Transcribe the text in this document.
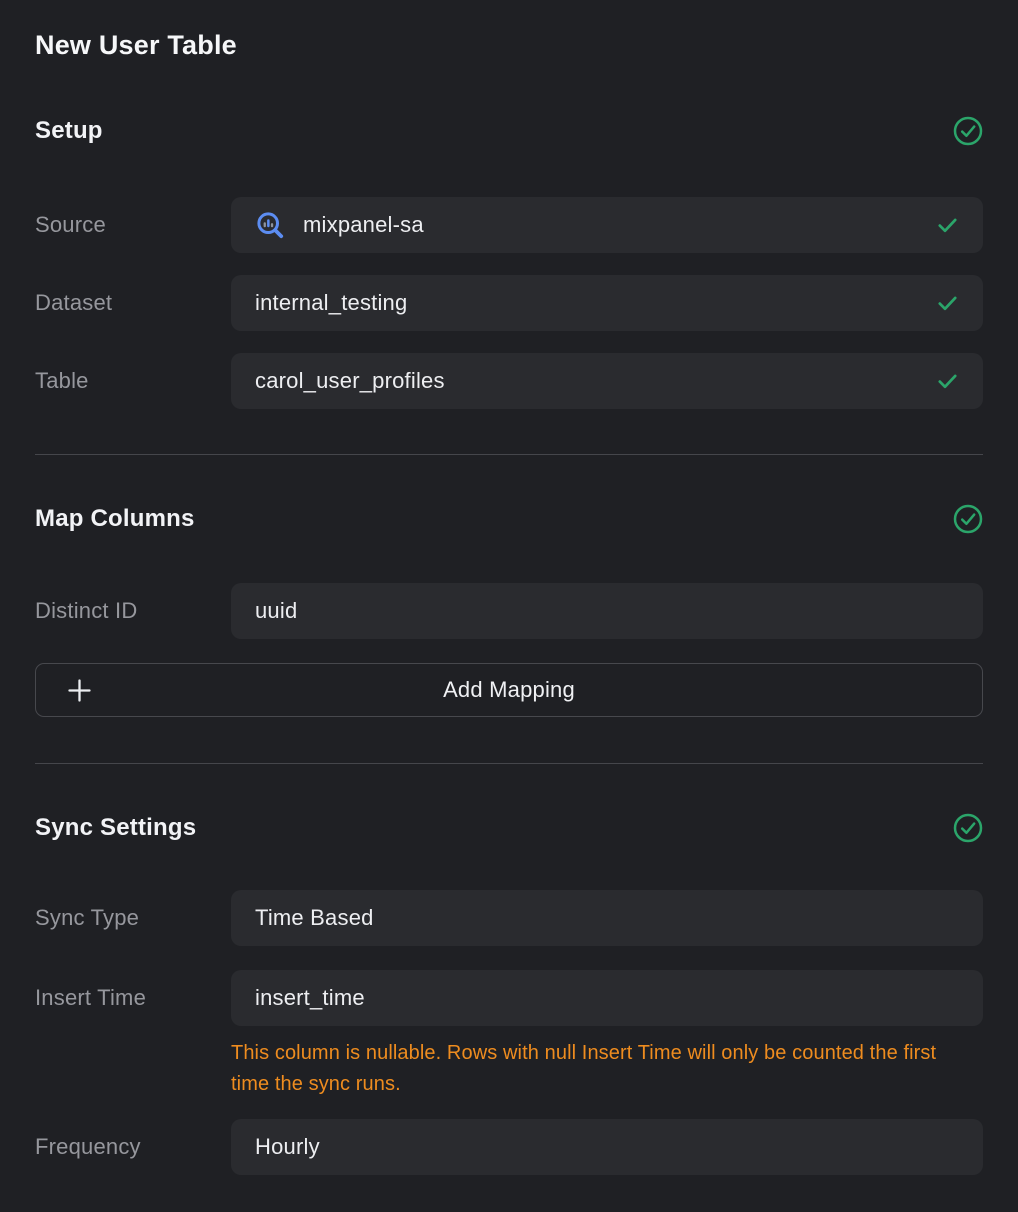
New User Table
Setup
Source	mixpanel-sa
Dataset	internal_testing
Table	carol_user_profiles
Map Columns
Distinct ID	uuid
Add Mapping
Sync Settings
Sync Type	Time Based
Insert Time	insert_time
This column is nullable. Rows with null Insert Time will only be counted the first time the sync runs.
Frequency	Hourly
